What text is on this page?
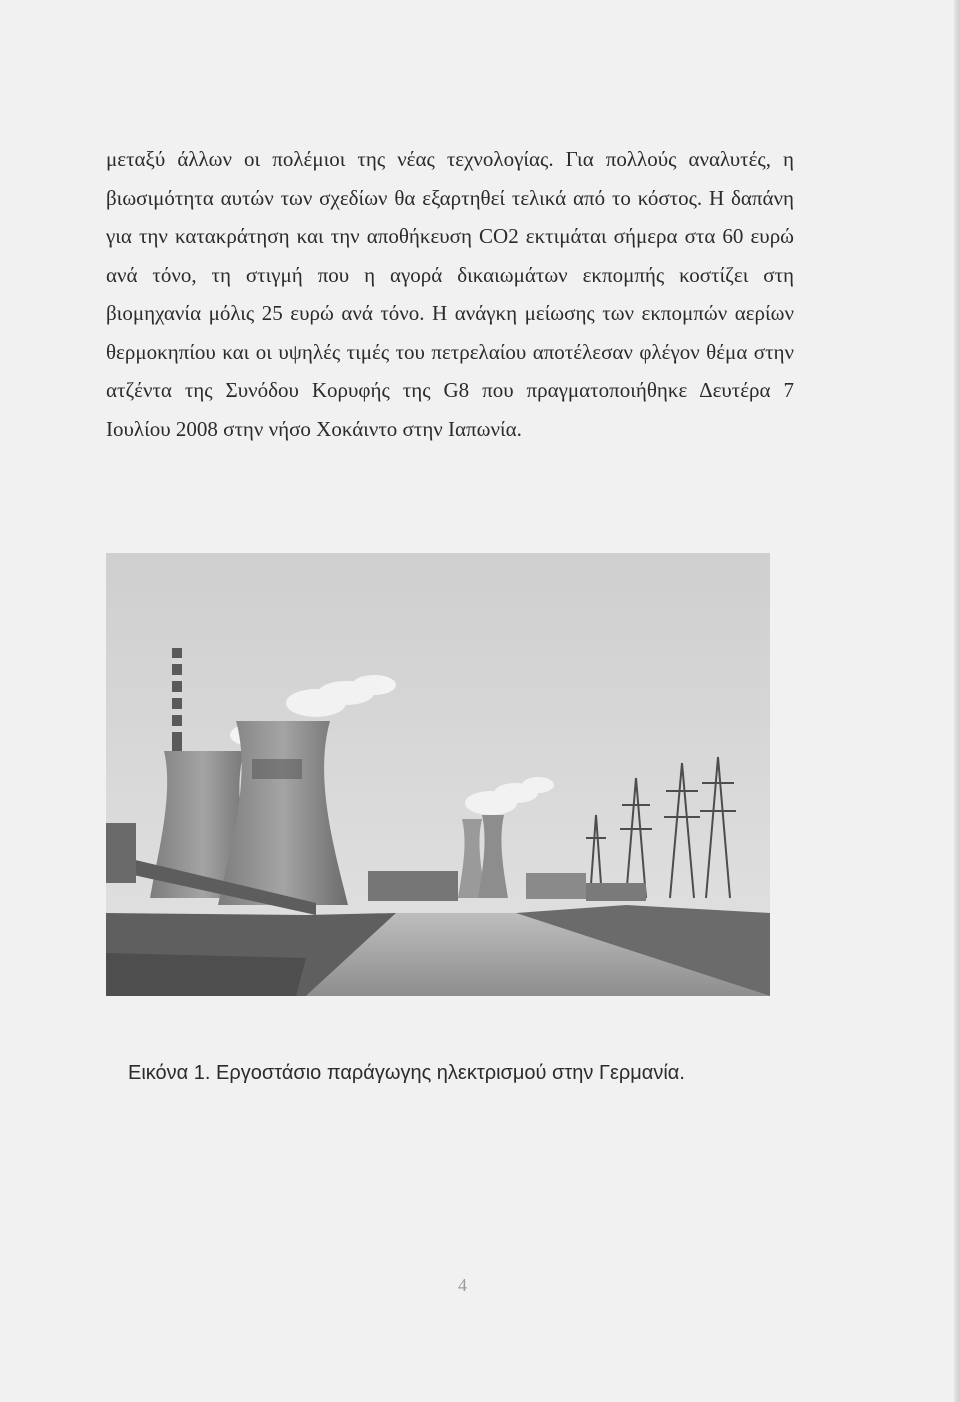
μεταξύ άλλων οι πολέμιοι της νέας τεχνολογίας. Για πολλούς αναλυτές, η βιωσιμότητα αυτών των σχεδίων θα εξαρτηθεί τελικά από το κόστος. Η δαπάνη για την κατακράτηση και την αποθήκευση CO2 εκτιμάται σήμερα στα 60 ευρώ ανά τόνο, τη στιγμή που η αγορά δικαιωμάτων εκπομπής κοστίζει στη βιομηχανία μόλις 25 ευρώ ανά τόνο. Η ανάγκη μείωσης των εκπομπών αερίων θερμοκηπίου και οι υψηλές τιμές του πετρελαίου αποτέλεσαν φλέγον θέμα στην ατζέντα της Συνόδου Κορυφής της G8 που πραγματοποιήθηκε Δευτέρα 7 Ιουλίου 2008 στην νήσο Χοκάιντο στην Ιαπωνία.

Εικόνα 1. Εργοστάσιο παράγωγης ηλεκτρισμού στην Γερμανία.

4
